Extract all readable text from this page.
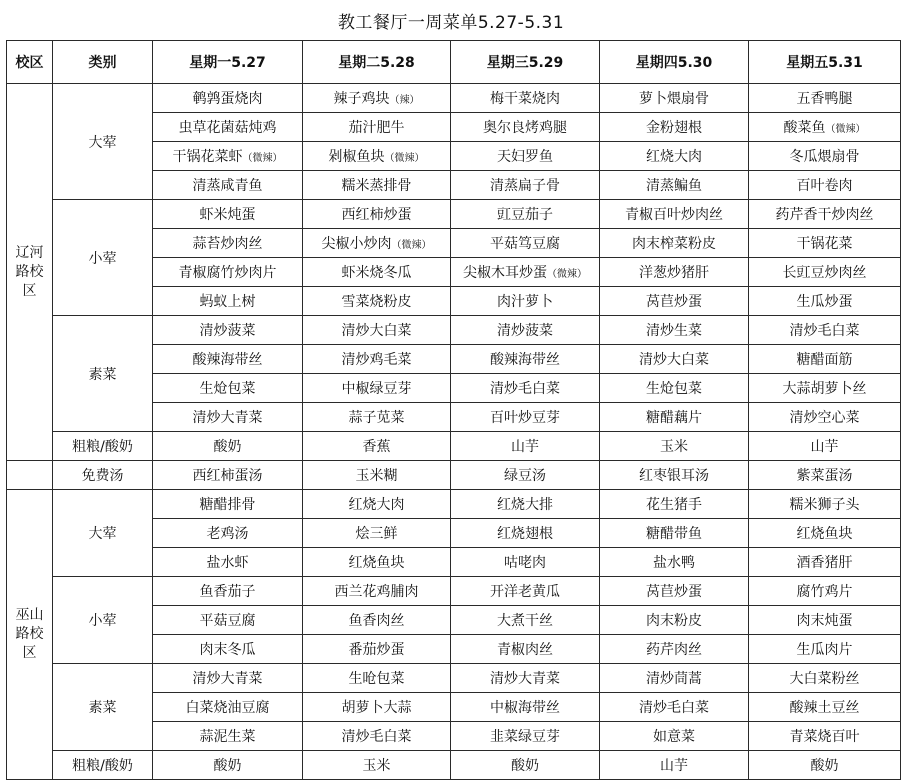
教工餐厅一周菜单5.27-5.31
校区	类别	星期一5.27	星期二5.28	星期三5.29	星期四5.30	星期五5.31
辽河路校区	大荤	鹌鹑蛋烧肉	辣子鸡块（辣）	梅干菜烧肉	萝卜煨扇骨	五香鸭腿
		虫草花菌菇炖鸡	茄汁肥牛	奥尔良烤鸡腿	金粉翅根	酸菜鱼（微辣）
		干锅花菜虾（微辣）	剁椒鱼块（微辣）	天妇罗鱼	红烧大肉	冬瓜煨扇骨
		清蒸咸青鱼	糯米蒸排骨	清蒸扁子骨	清蒸鳊鱼	百叶卷肉
	小荤	虾米炖蛋	西红柿炒蛋	豇豆茄子	青椒百叶炒肉丝	药芹香干炒肉丝
		蒜苔炒肉丝	尖椒小炒肉（微辣）	平菇笃豆腐	肉末榨菜粉皮	干锅花菜
		青椒腐竹炒肉片	虾米烧冬瓜	尖椒木耳炒蛋（微辣）	洋葱炒猪肝	长豇豆炒肉丝
		蚂蚁上树	雪菜烧粉皮	肉汁萝卜	莴苣炒蛋	生瓜炒蛋
	素菜	清炒菠菜	清炒大白菜	清炒菠菜	清炒生菜	清炒毛白菜
		酸辣海带丝	清炒鸡毛菜	酸辣海带丝	清炒大白菜	糖醋面筋
		生炝包菜	中椒绿豆芽	清炒毛白菜	生炝包菜	大蒜胡萝卜丝
		清炒大青菜	蒜子苋菜	百叶炒豆芽	糖醋藕片	清炒空心菜
	粗粮/酸奶	酸奶	香蕉	山芋	玉米	山芋
	免费汤	西红柿蛋汤	玉米糊	绿豆汤	红枣银耳汤	紫菜蛋汤
巫山路校区	大荤	糖醋排骨	红烧大肉	红烧大排	花生猪手	糯米狮子头
		老鸡汤	烩三鲜	红烧翅根	糖醋带鱼	红烧鱼块
		盐水虾	红烧鱼块	咕咾肉	盐水鸭	酒香猪肝
	小荤	鱼香茄子	西兰花鸡脯肉	开洋老黄瓜	莴苣炒蛋	腐竹鸡片
		平菇豆腐	鱼香肉丝	大煮干丝	肉末粉皮	肉末炖蛋
		肉末冬瓜	番茄炒蛋	青椒肉丝	药芹肉丝	生瓜肉片
	素菜	清炒大青菜	生呛包菜	清炒大青菜	清炒茼蒿	大白菜粉丝
		白菜烧油豆腐	胡萝卜大蒜	中椒海带丝	清炒毛白菜	酸辣土豆丝
		蒜泥生菜	清炒毛白菜	韭菜绿豆芽	如意菜	青菜烧百叶
	粗粮/酸奶	酸奶	玉米	酸奶	山芋	酸奶
